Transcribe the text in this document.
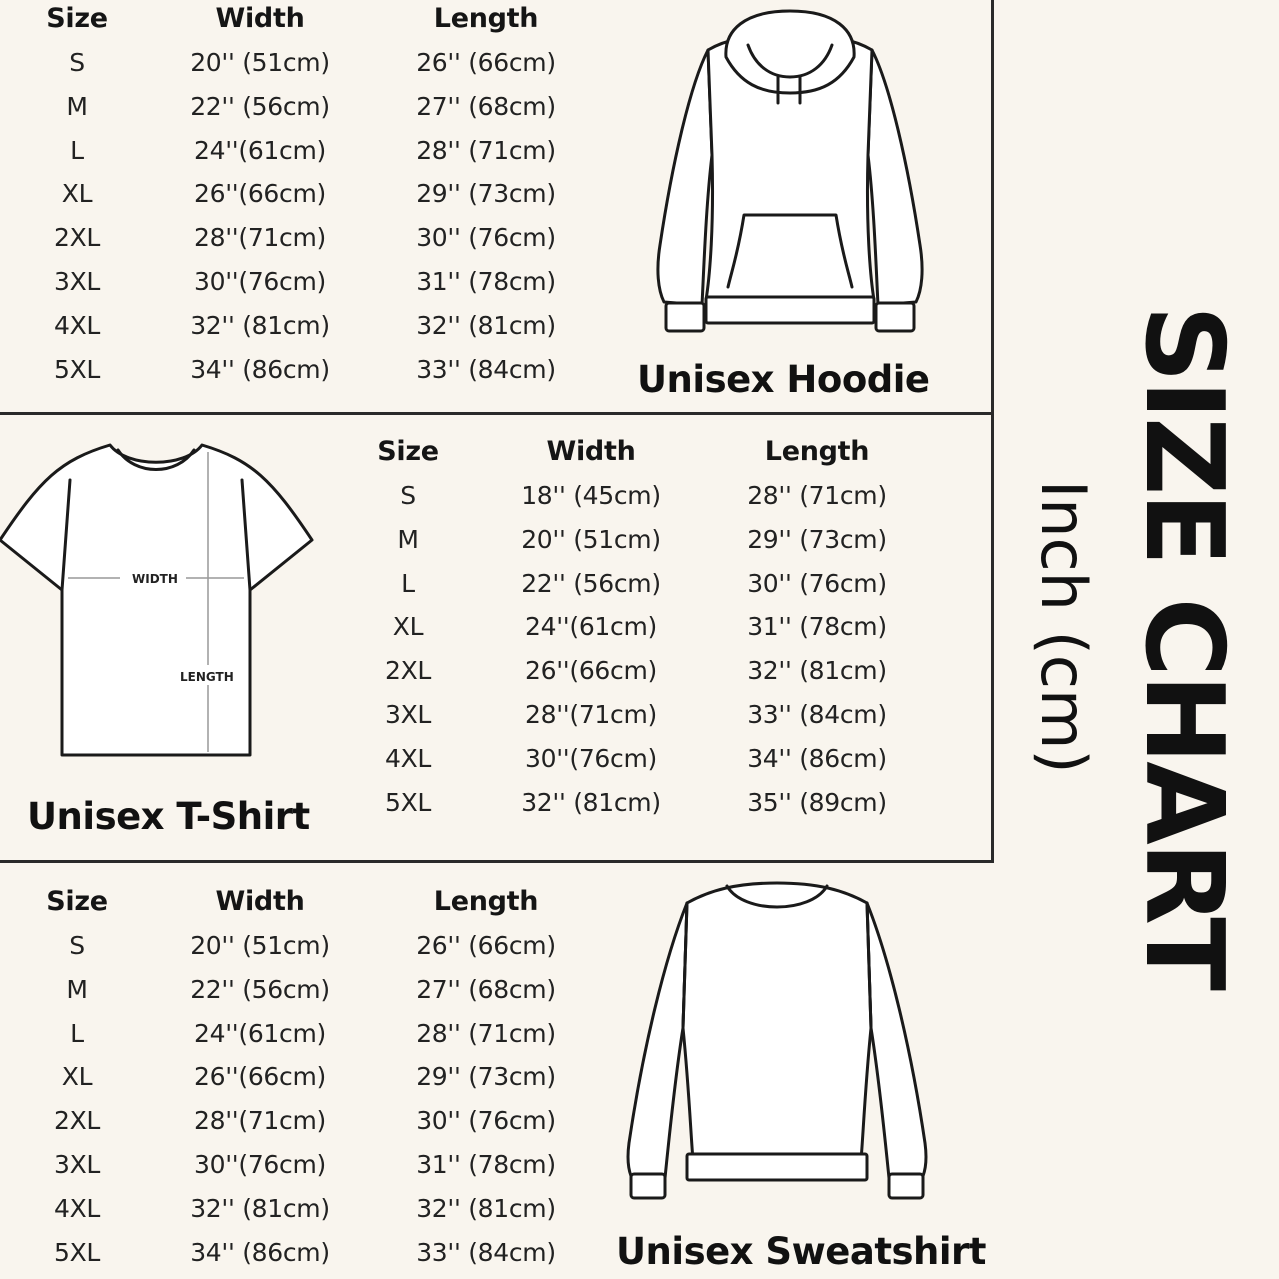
Size	Width	Length
S	20'' (51cm)	26'' (66cm)
M	22'' (56cm)	27'' (68cm)
L	24''(61cm)	28'' (71cm)
XL	26''(66cm)	29'' (73cm)
2XL	28''(71cm)	30'' (76cm)
3XL	30''(76cm)	31'' (78cm)
4XL	32'' (81cm)	32'' (81cm)
5XL	34'' (86cm)	33'' (84cm)
Size	Width	Length
S	18'' (45cm)	28'' (71cm)
M	20'' (51cm)	29'' (73cm)
L	22'' (56cm)	30'' (76cm)
XL	24''(61cm)	31'' (78cm)
2XL	26''(66cm)	32'' (81cm)
3XL	28''(71cm)	33'' (84cm)
4XL	30''(76cm)	34'' (86cm)
5XL	32'' (81cm)	35'' (89cm)
Size	Width	Length
S	20'' (51cm)	26'' (66cm)
M	22'' (56cm)	27'' (68cm)
L	24''(61cm)	28'' (71cm)
XL	26''(66cm)	29'' (73cm)
2XL	28''(71cm)	30'' (76cm)
3XL	30''(76cm)	31'' (78cm)
4XL	32'' (81cm)	32'' (81cm)
5XL	34'' (86cm)	33'' (84cm)
WIDTH
LENGTH
Unisex Hoodie
Unisex T-Shirt
Unisex Sweatshirt
SIZE CHART
Inch (cm)
